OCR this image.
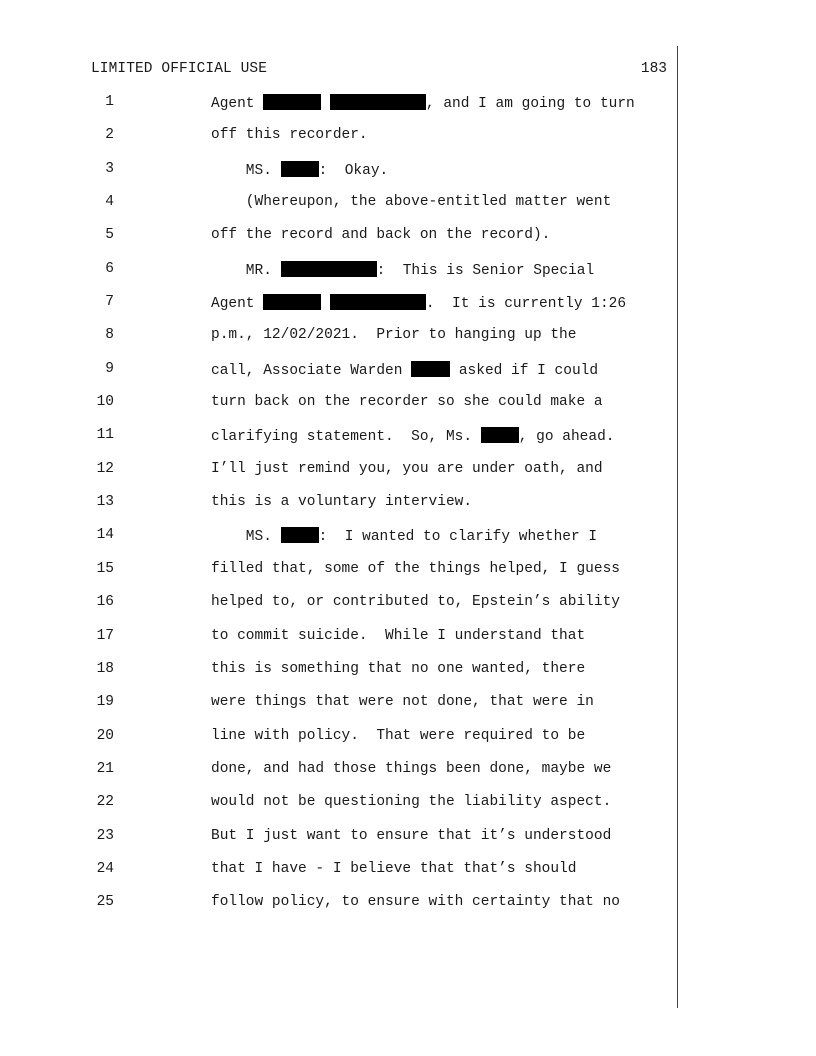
LIMITED OFFICIAL USE	183

1

	Agent	, and I am going to turn

2

	off this recorder.

3

	MS.	:  Okay.

4

	(Whereupon, the above-entitled matter went

5

	off the record and back on the record).

6

	MR.	:  This is Senior Special

7

	Agent	.  It is currently 1:26

8

	p.m., 12/02/2021.  Prior to hanging up the

9

	call, Associate Warden	asked if I could

10

	turn back on the recorder so she could make a

11

	clarifying statement.  So, Ms.	, go ahead.

12

	I’ll just remind you, you are under oath, and

13

	this is a voluntary interview.

14

	MS.	:  I wanted to clarify whether I

15

	filled that, some of the things helped, I guess

16

	helped to, or contributed to, Epstein’s ability

17

	to commit suicide.  While I understand that

18

	this is something that no one wanted, there

19

	were things that were not done, that were in

20

	line with policy.  That were required to be

21

	done, and had those things been done, maybe we

22

	would not be questioning the liability aspect.

23

	But I just want to ensure that it’s understood

24

	that I have - I believe that that’s should

25

	follow policy, to ensure with certainty that no
